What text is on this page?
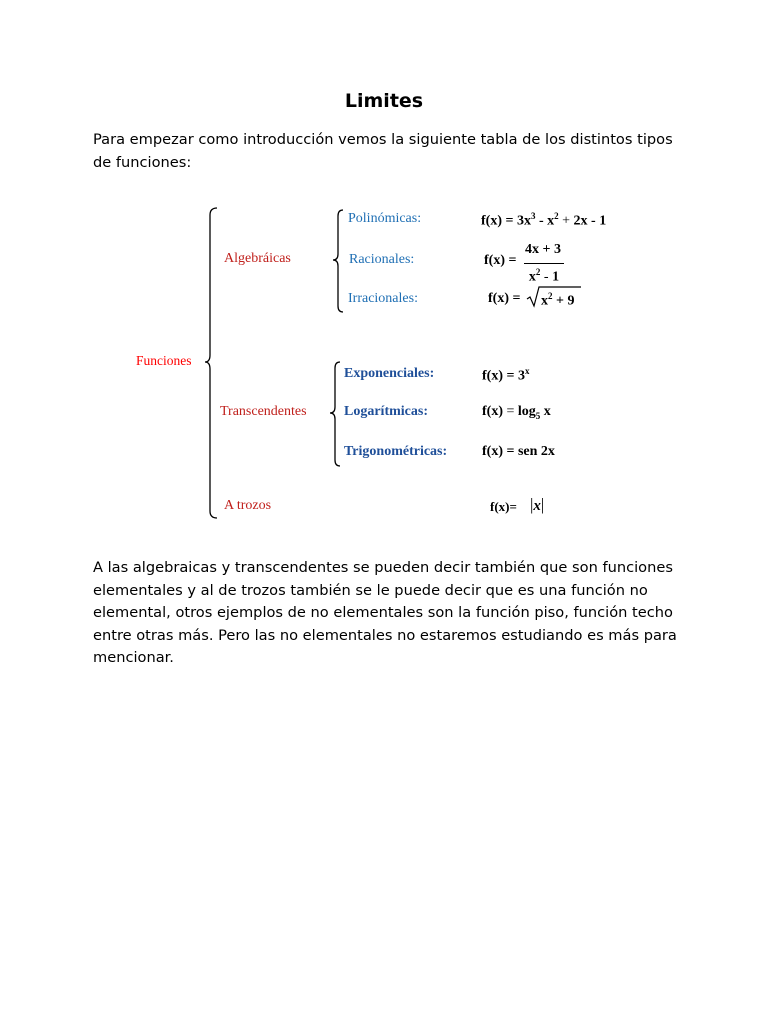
Limites
Para empezar como introducción vemos la siguiente tabla de los distintos tipos de funciones:
Funciones
Algebráicas
Transcendentes
A trozos
Polinómicas:
Racionales:
Irracionales:
$f(x) = 3x^3 - x^2 + 2x - 1$
f(x) =
4x + 3
$x^2 - 1$
$f(x) = x^2 + 9$
Exponenciales:
Logarítmicas:
Trigonométricas:
$f(x) = 3^x$
$f(x) = \log_5 x$
f(x) = sen 2x
f(x)= |x|
A las algebraicas y transcendentes se pueden decir también que son funciones elementales y al de trozos también se le puede decir que es una función no elemental, otros ejemplos de no elementales son la función piso, función techo entre otras más. Pero las no elementales no estaremos estudiando es más para mencionar.
